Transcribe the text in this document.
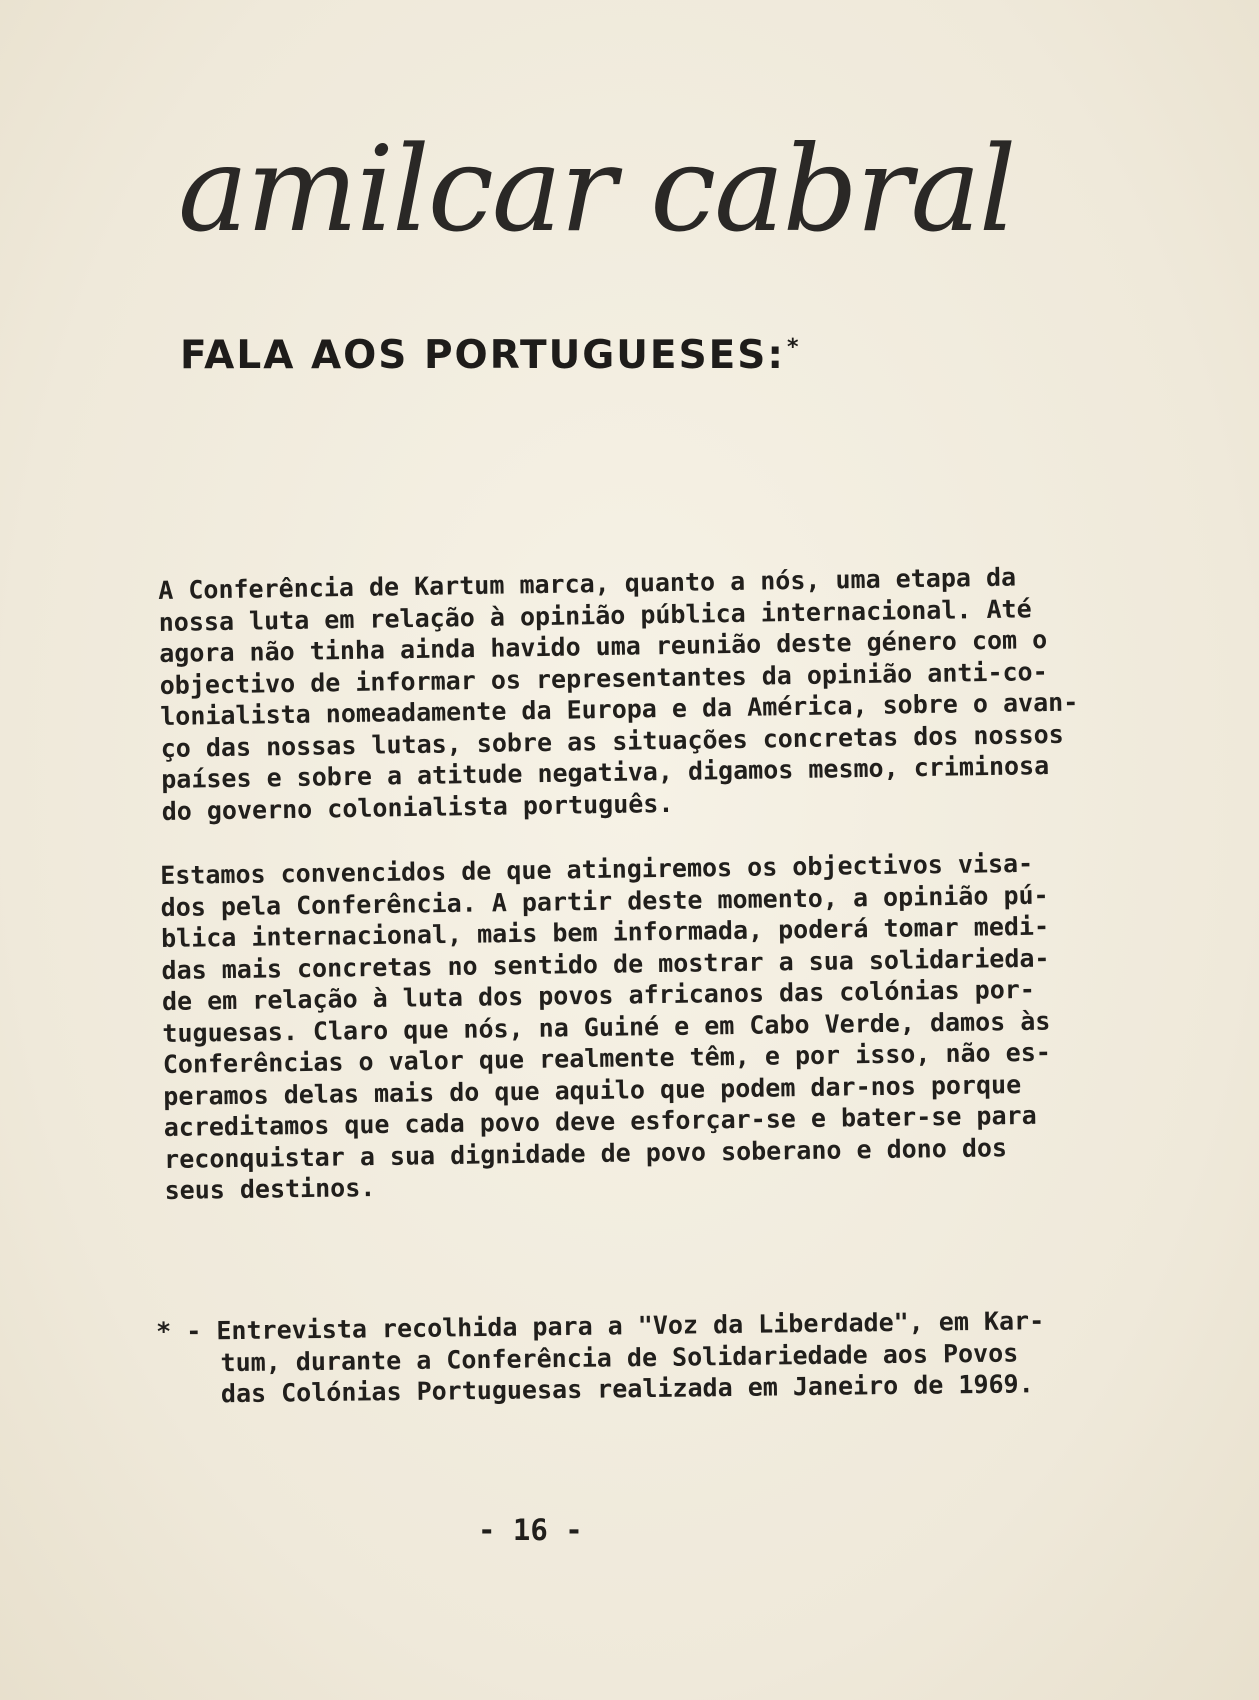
amilcar cabral
FALA AOS PORTUGUESES:*
A Conferência de Kartum marca, quanto a nós, uma etapa da
nossa luta em relação à opinião pública internacional. Até
agora não tinha ainda havido uma reunião deste género com o
objectivo de informar os representantes da opinião anti-co-
lonialista nomeadamente da Europa e da América, sobre o avan-
ço das nossas lutas, sobre as situações concretas dos nossos
países e sobre a atitude negativa, digamos mesmo, criminosa
do governo colonialista português.
Estamos convencidos de que atingiremos os objectivos visa-
dos pela Conferência. A partir deste momento, a opinião pú-
blica internacional, mais bem informada, poderá tomar medi-
das mais concretas no sentido de mostrar a sua solidarieda-
de em relação à luta dos povos africanos das colónias por-
tuguesas. Claro que nós, na Guiné e em Cabo Verde, damos às
Conferências o valor que realmente têm, e por isso, não es-
peramos delas mais do que aquilo que podem dar-nos porque
acreditamos que cada povo deve esforçar-se e bater-se para
reconquistar a sua dignidade de povo soberano e dono dos
seus destinos.
* - Entrevista recolhida para a "Voz da Liberdade", em Kar-
tum, durante a Conferência de Solidariedade aos Povos
das Colónias Portuguesas realizada em Janeiro de 1969.
- 16 -
